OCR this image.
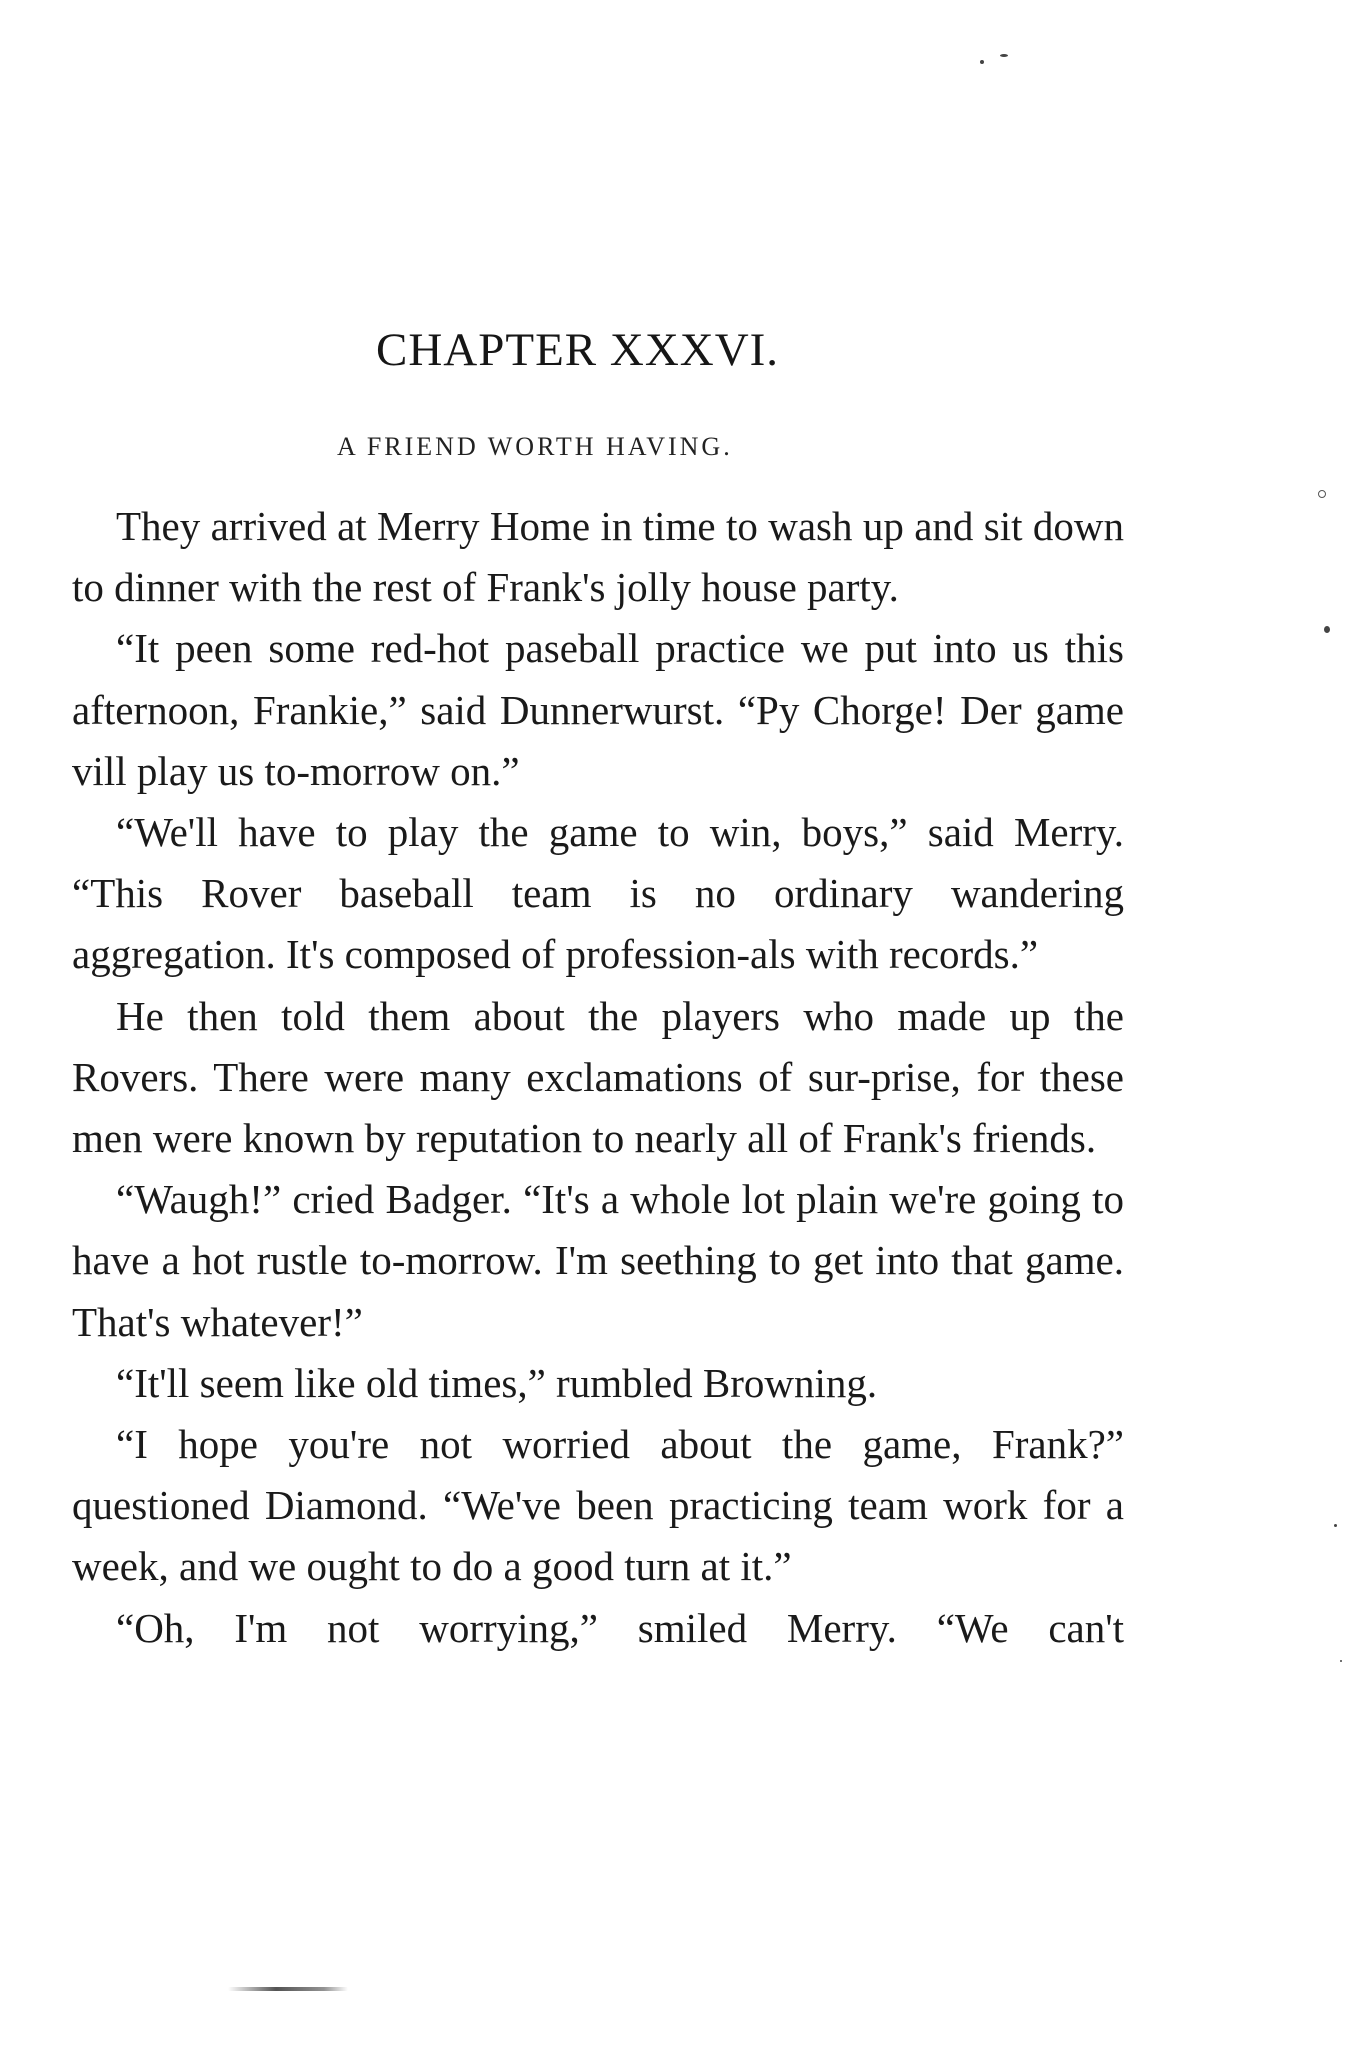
CHAPTER XXXVI.
A FRIEND WORTH HAVING.

They arrived at Merry Home in time to wash up and sit down to dinner with the rest of Frank's jolly house party.

“It peen some red-hot paseball practice we put into us this afternoon, Frankie,” said Dunnerwurst. “Py Chorge! Der game vill play us to-morrow on.”

“We'll have to play the game to win, boys,” said Merry. “This Rover baseball team is no ordinary wandering aggregation. It's composed of profession-als with records.”

He then told them about the players who made up the Rovers. There were many exclamations of sur-prise, for these men were known by reputation to nearly all of Frank's friends.

“Waugh!” cried Badger. “It's a whole lot plain we're going to have a hot rustle to-morrow. I'm seething to get into that game. That's whatever!”

“It'll seem like old times,” rumbled Browning.

“I hope you're not worried about the game, Frank?” questioned Diamond. “We've been practicing team work for a week, and we ought to do a good turn at it.”

“Oh, I'm not worrying,” smiled Merry. “We can't
